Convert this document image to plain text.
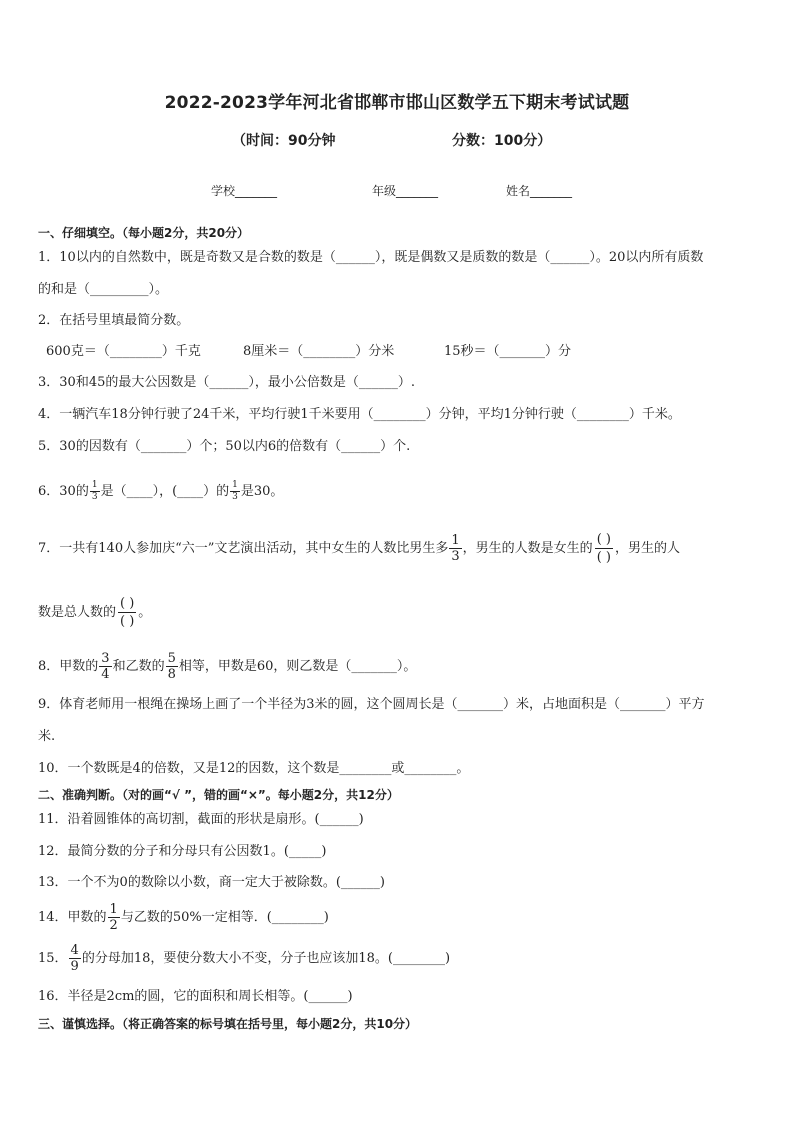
2022-2023学年河北省邯郸市邯山区数学五下期末考试试题
（时间：90分钟	分数：100分）
学校_______	年级_______	姓名_______
一、仔细填空。（每小题2分，共20分）
1．10以内的自然数中，既是奇数又是合数的数是（______），既是偶数又是质数的数是（______）。20以内所有质数
的和是（_________）。
2．在括号里填最简分数。
600克＝（________）千克	8厘米＝（________）分米	15秒＝（_______）分
3．30和45的最大公因数是（______），最小公倍数是（______）.
4．一辆汽车18分钟行驶了24千米，平均行驶1千米要用（________）分钟，平均1分钟行驶（________）千米。
5．30的因数有（_______）个；50以内6的倍数有（______）个.
6．30的 $\frac{1}{3}$ 是（____），(____）的 $\frac{1}{3}$ 是30。
7．一共有140人参加庆“六一”文艺演出活动，其中女生的人数比男生多 $\frac{1}{3}$ ，男生的人数是女生的
( )
( )
，男生的人
数是总人数的
( )
( )
。
8．甲数的 $\frac{3}{4}$ 和乙数的 $\frac{5}{8}$ 相等，甲数是60，则乙数是（_______）。
9．体育老师用一根绳在操场上画了一个半径为3米的圆，这个圆周长是（_______）米，占地面积是（_______）平方
米.
10．一个数既是4的倍数，又是12的因数，这个数是________或________。
二、准确判断。（对的画“√ ”，错的画“×”。每小题2分，共12分）
11．沿着圆锥体的高切割，截面的形状是扇形。(______)
12．最简分数的分子和分母只有公因数1。(_____)
13．一个不为0的数除以小数，商一定大于被除数。(______)
14．甲数的 $\frac{1}{2}$ 与乙数的50%一定相等．(________)
15． $\frac{4}{9}$ 的分母加18，要使分数大小不变，分子也应该加18。(________)
16．半径是2cm的圆，它的面积和周长相等。(______)
三、谨慎选择。（将正确答案的标号填在括号里，每小题2分，共10分）
